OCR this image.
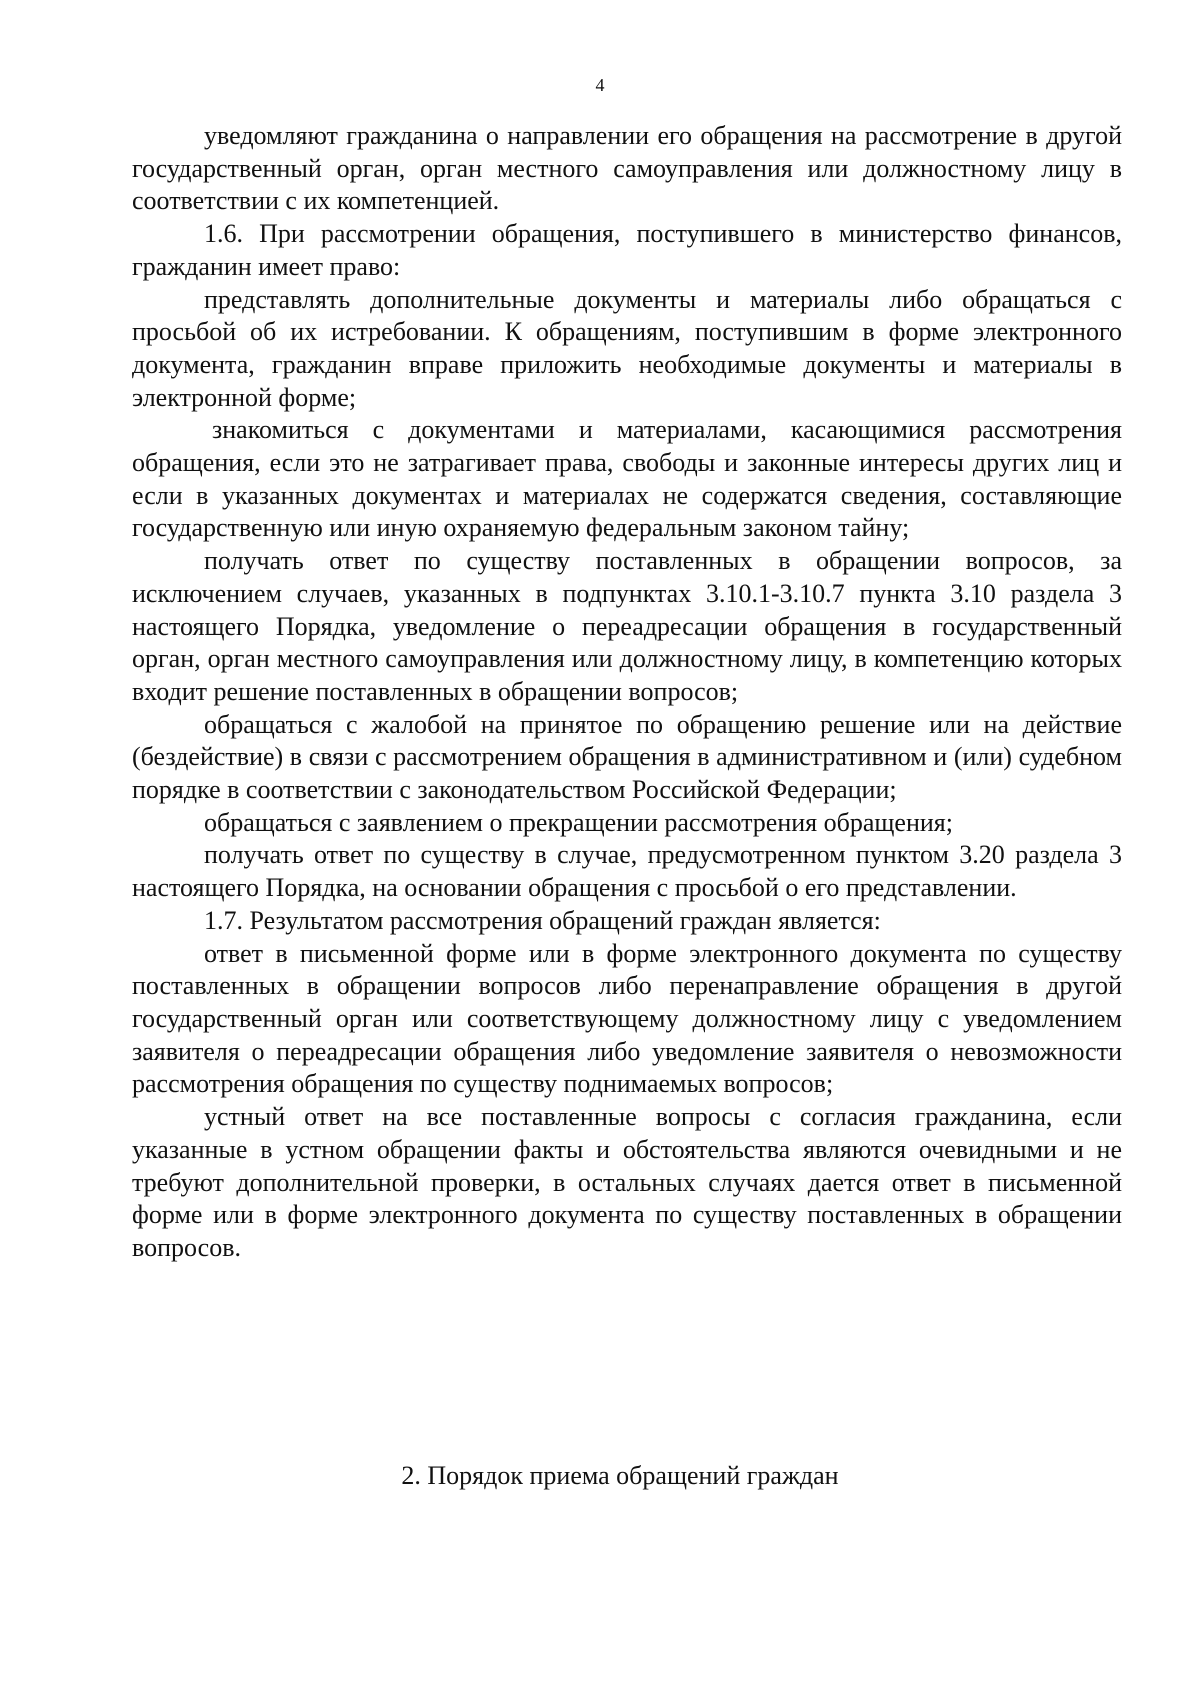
4

уведомляют гражданина о направлении его обращения на рассмотрение в другой государственный орган, орган местного самоуправления или должностному лицу в соответствии с их компетенцией.

1.6. При рассмотрении обращения, поступившего в министерство финансов, гражданин имеет право:

представлять дополнительные документы и материалы либо обращаться с просьбой об их истребовании. К обращениям, поступившим в форме электронного документа, гражданин вправе приложить необходимые документы и материалы в электронной форме;

знакомиться с документами и материалами, касающимися рассмотрения обращения, если это не затрагивает права, свободы и законные интересы других лиц и если в указанных документах и материалах не содержатся сведения, составляющие государственную или иную охраняемую федеральным законом тайну;

получать ответ по существу поставленных в обращении вопросов, за исключением случаев, указанных в подпунктах 3.10.1-3.10.7 пункта 3.10 раздела 3 настоящего Порядка, уведомление о переадресации обращения в государственный орган, орган местного самоуправления или должностному лицу, в компетенцию которых входит решение поставленных в обращении вопросов;

обращаться с жалобой на принятое по обращению решение или на действие (бездействие) в связи с рассмотрением обращения в административном и (или) судебном порядке в соответствии с законодательством Российской Федерации;

обращаться с заявлением о прекращении рассмотрения обращения;

получать ответ по существу в случае, предусмотренном пунктом 3.20 раздела 3 настоящего Порядка, на основании обращения с просьбой о его представлении.

1.7. Результатом рассмотрения обращений граждан является:

ответ в письменной форме или в форме электронного документа по существу поставленных в обращении вопросов либо перенаправление обращения в другой государственный орган или соответствующему должностному лицу с уведомлением заявителя о переадресации обращения либо уведомление заявителя о невозможности рассмотрения обращения по существу поднимаемых вопросов;

устный ответ на все поставленные вопросы с согласия гражданина, если указанные в устном обращении факты и обстоятельства являются очевидными и не требуют дополнительной проверки, в остальных случаях дается ответ в письменной форме или в форме электронного документа по существу поставленных в обращении вопросов.

2. Порядок приема обращений граждан
